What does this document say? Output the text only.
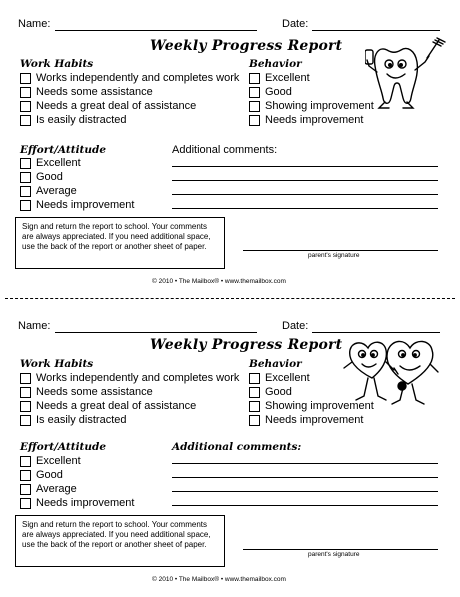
Name:	Date:
Weekly Progress Report
Work Habits
Works independently and completes work
Needs some assistance
Needs a great deal of assistance
Is easily distracted
Behavior
Excellent
Good
Showing improvement
Needs improvement
Effort/Attitude
Excellent
Good
Average
Needs improvement
Additional comments:
Sign and return the report to school. Your comments are always appreciated. If you need additional space, use the back of the report or another sheet of paper.
parent's signature
© 2010 • The Mailbox® • www.themailbox.com
Name:	Date:
Weekly Progress Report
Work Habits
Works independently and completes work
Needs some assistance
Needs a great deal of assistance
Is easily distracted
Behavior
Excellent
Good
Showing improvement
Needs improvement
Effort/Attitude
Excellent
Good
Average
Needs improvement
Additional comments:
Sign and return the report to school. Your comments are always appreciated. If you need additional space, use the back of the report or another sheet of paper.
parent's signature
© 2010 • The Mailbox® • www.themailbox.com
